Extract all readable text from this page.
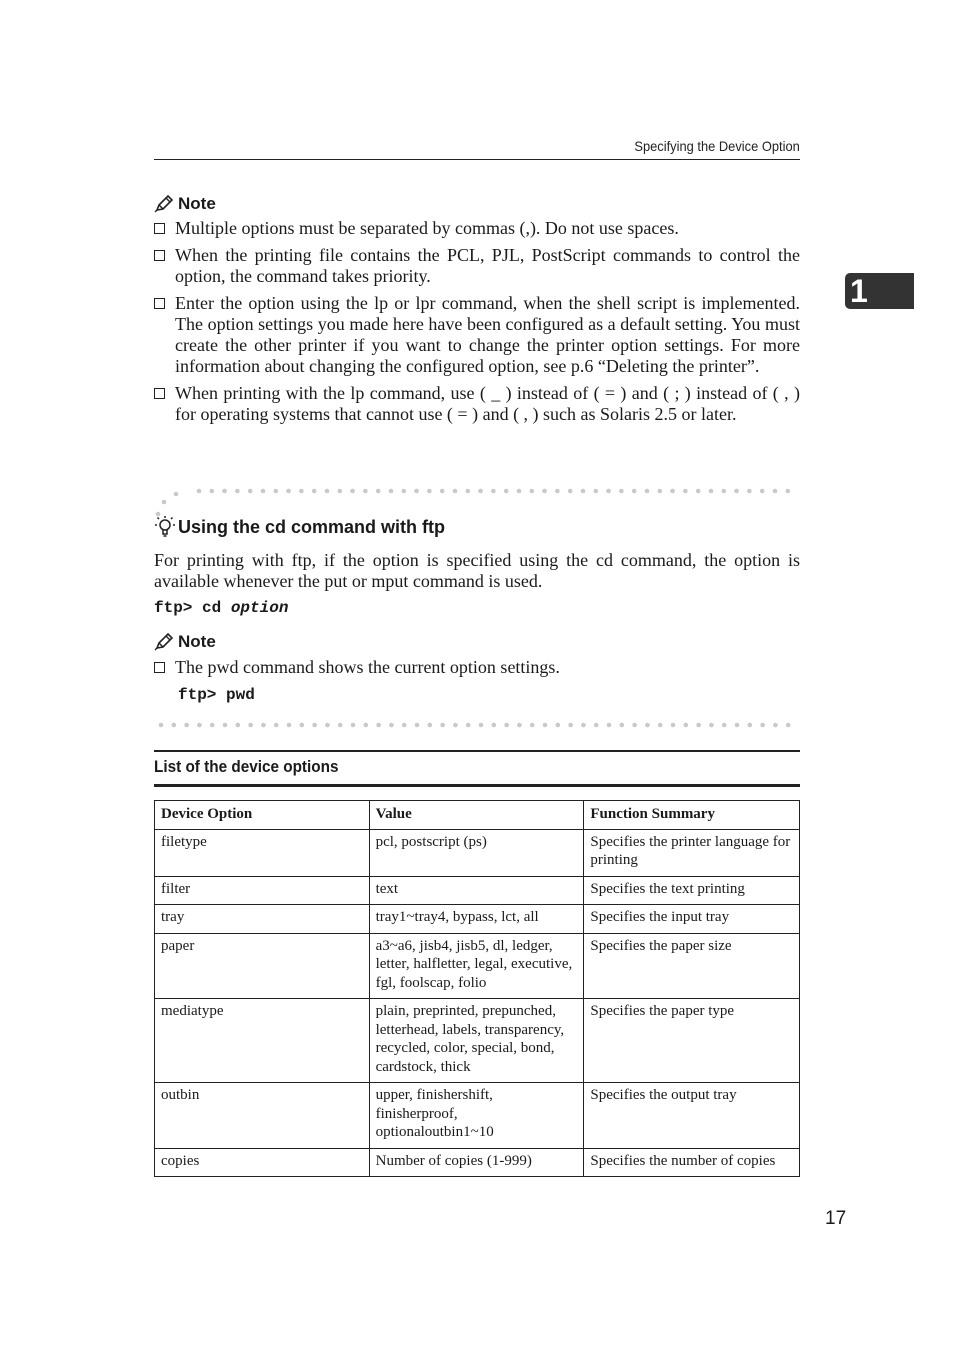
Specifying the Device Option
1
Note
Multiple options must be separated by commas (,). Do not use spaces.
When the printing file contains the PCL, PJL, PostScript commands to control the option, the command takes priority.
Enter the option using the lp or lpr command, when the shell script is implemented. The option settings you made here have been configured as a default setting. You must create the other printer if you want to change the printer option settings. For more information about changing the configured option, see p.6 “Deleting the printer”.
When printing with the lp command, use ( _ ) instead of ( = ) and ( ; ) instead of ( , ) for operating systems that cannot use ( = ) and ( , ) such as Solaris 2.5 or later.
Using the cd command with ftp
For printing with ftp, if the option is specified using the cd command, the option is available whenever the put or mput command is used.
ftp> cd option
Note
The pwd command shows the current option settings.
ftp> pwd
List of the device options
Device Option	Value	Function Summary
filetype	pcl, postscript (ps)	Specifies the printer language for printing
filter	text	Specifies the text printing
tray	tray1~tray4, bypass, lct, all	Specifies the input tray
paper	a3~a6, jisb4, jisb5, dl, ledger, letter, halfletter, legal, executive, fgl, foolscap, folio	Specifies the paper size
mediatype	plain, preprinted, prepunched, letterhead, labels, transparency, recycled, color, special, bond, cardstock, thick	Specifies the paper type
outbin	upper, finishershift, finisherproof, optionaloutbin1~10	Specifies the output tray
copies	Number of copies (1-999)	Specifies the number of copies
17
